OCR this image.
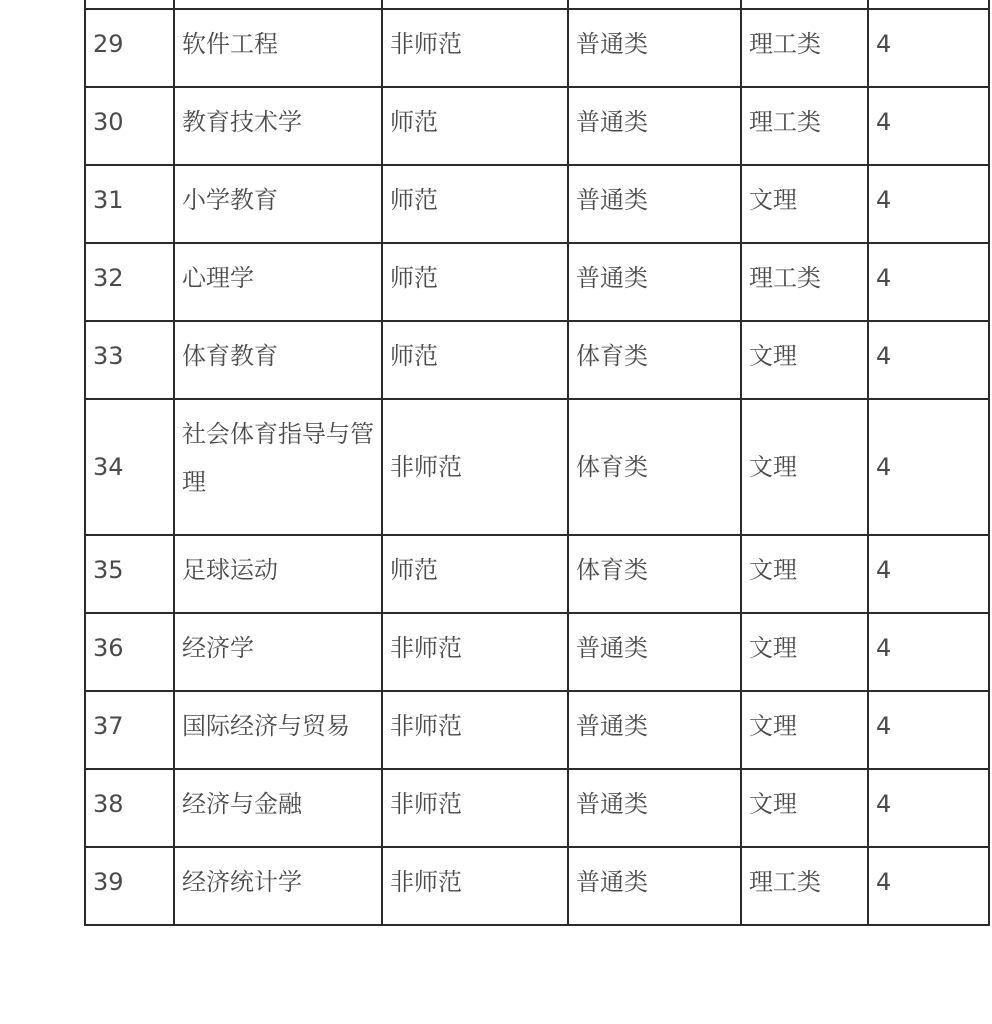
29	软件工程	非师范	普通类	理工类	4
30	教育技术学	师范	普通类	理工类	4
31	小学教育	师范	普通类	文理	4
32	心理学	师范	普通类	理工类	4
33	体育教育	师范	体育类	文理	4
34	社会体育指导与管理	非师范	体育类	文理	4
35	足球运动	师范	体育类	文理	4
36	经济学	非师范	普通类	文理	4
37	国际经济与贸易	非师范	普通类	文理	4
38	经济与金融	非师范	普通类	文理	4
39	经济统计学	非师范	普通类	理工类	4
